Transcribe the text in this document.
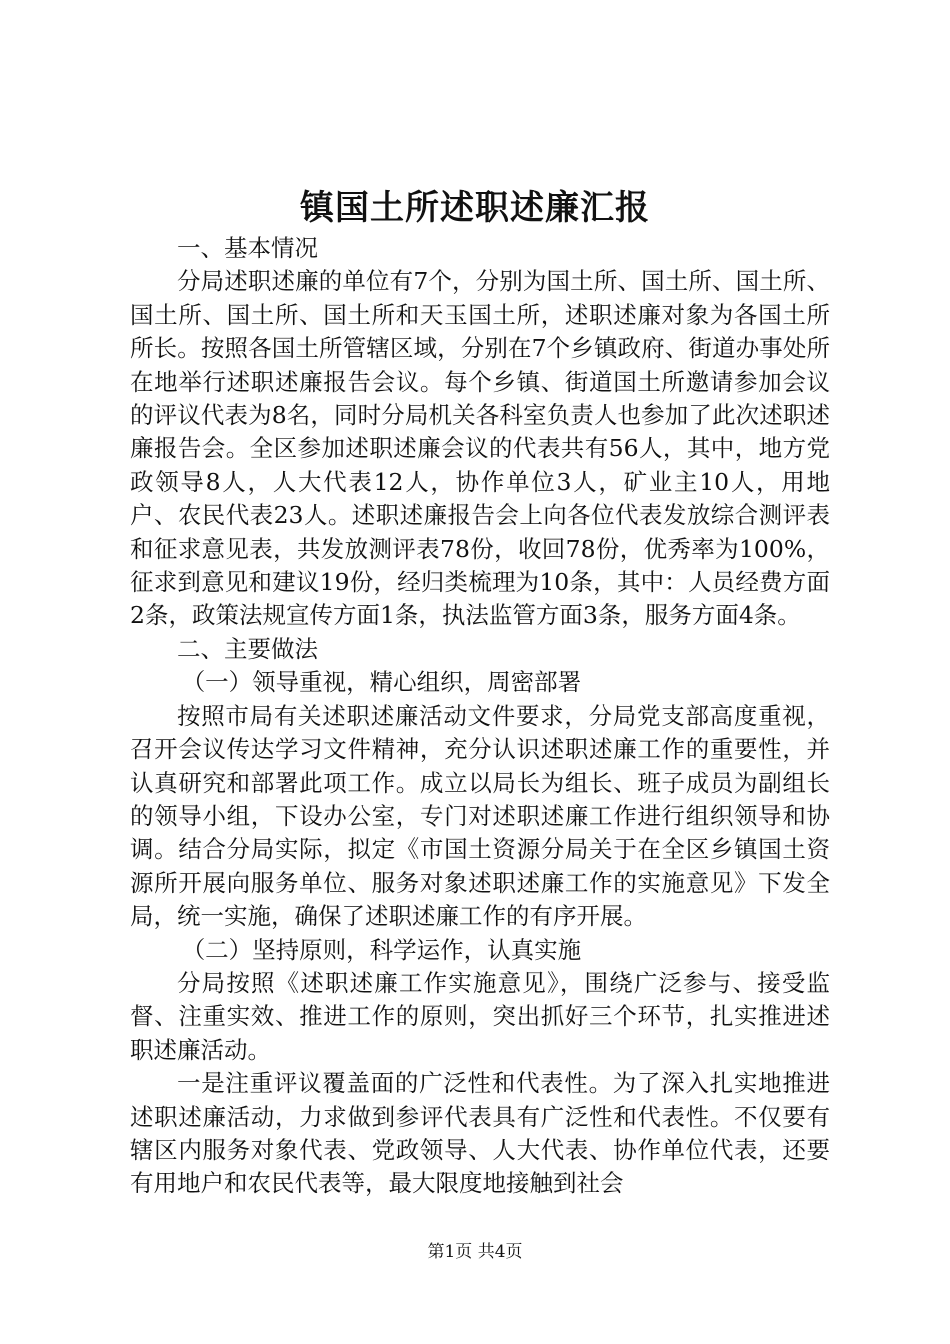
镇国土所述职述廉汇报

一、基本情况

分局述职述廉的单位有7个，分别为国土所、国土所、国土所、国土所、国土所、国土所和天玉国土所，述职述廉对象为各国土所所长。按照各国土所管辖区域，分别在7个乡镇政府、街道办事处所在地举行述职述廉报告会议。每个乡镇、街道国土所邀请参加会议的评议代表为8名，同时分局机关各科室负责人也参加了此次述职述廉报告会。全区参加述职述廉会议的代表共有56人，其中，地方党政领导8人，人大代表12人，协作单位3人，矿业主10人，用地户、农民代表23人。述职述廉报告会上向各位代表发放综合测评表和征求意见表，共发放测评表78份，收回78份，优秀率为100%，征求到意见和建议19份，经归类梳理为10条，其中：人员经费方面2条，政策法规宣传方面1条，执法监管方面3条，服务方面4条。

二、主要做法

（一）领导重视，精心组织，周密部署

按照市局有关述职述廉活动文件要求，分局党支部高度重视，召开会议传达学习文件精神，充分认识述职述廉工作的重要性，并认真研究和部署此项工作。成立以局长为组长、班子成员为副组长的领导小组，下设办公室，专门对述职述廉工作进行组织领导和协调。结合分局实际，拟定《市国土资源分局关于在全区乡镇国土资源所开展向服务单位、服务对象述职述廉工作的实施意见》下发全局，统一实施，确保了述职述廉工作的有序开展。

（二）坚持原则，科学运作，认真实施

分局按照《述职述廉工作实施意见》，围绕广泛参与、接受监督、注重实效、推进工作的原则，突出抓好三个环节，扎实推进述职述廉活动。

一是注重评议覆盖面的广泛性和代表性。为了深入扎实地推进述职述廉活动，力求做到参评代表具有广泛性和代表性。不仅要有辖区内服务对象代表、党政领导、人大代表、协作单位代表，还要有用地户和农民代表等，最大限度地接触到社会

第1页 共4页
